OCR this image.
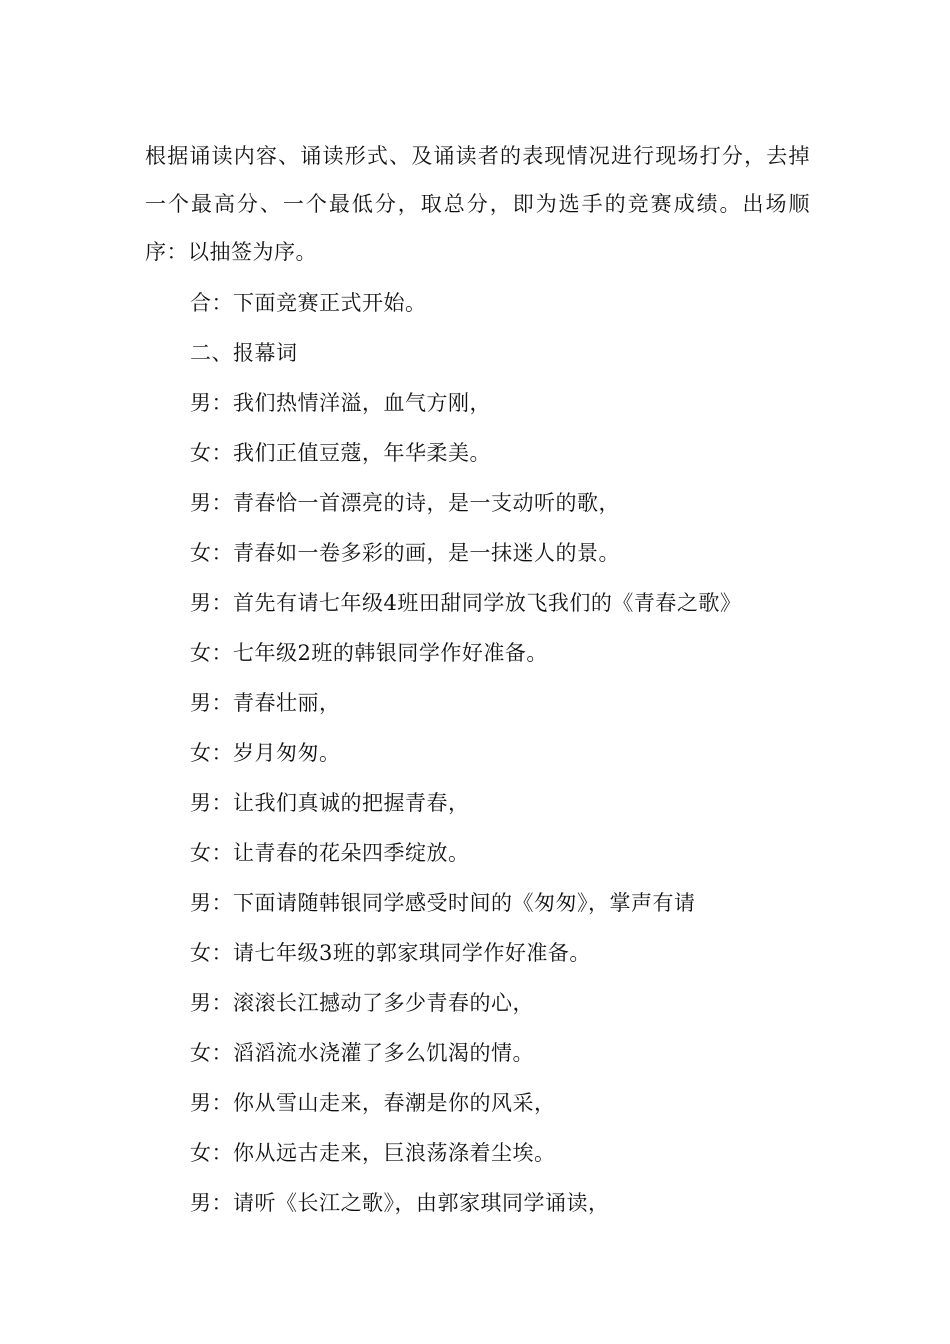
根据诵读内容、诵读形式、及诵读者的表现情况进行现场打分，去掉一个最高分、一个最低分，取总分，即为选手的竞赛成绩。出场顺序：以抽签为序。

合：下面竞赛正式开始。

二、报幕词

男：我们热情洋溢，血气方刚，

女：我们正值豆蔻，年华柔美。

男：青春恰一首漂亮的诗，是一支动听的歌，

女：青春如一卷多彩的画，是一抹迷人的景。

男：首先有请七年级4班田甜同学放飞我们的《青春之歌》

女：七年级2班的韩银同学作好准备。

男：青春壮丽，

女：岁月匆匆。

男：让我们真诚的把握青春，

女：让青春的花朵四季绽放。

男：下面请随韩银同学感受时间的《匆匆》，掌声有请

女：请七年级3班的郭家琪同学作好准备。

男：滚滚长江撼动了多少青春的心，

女：滔滔流水浇灌了多么饥渴的情。

男：你从雪山走来，春潮是你的风采，

女：你从远古走来，巨浪荡涤着尘埃。

男：请听《长江之歌》，由郭家琪同学诵读，
